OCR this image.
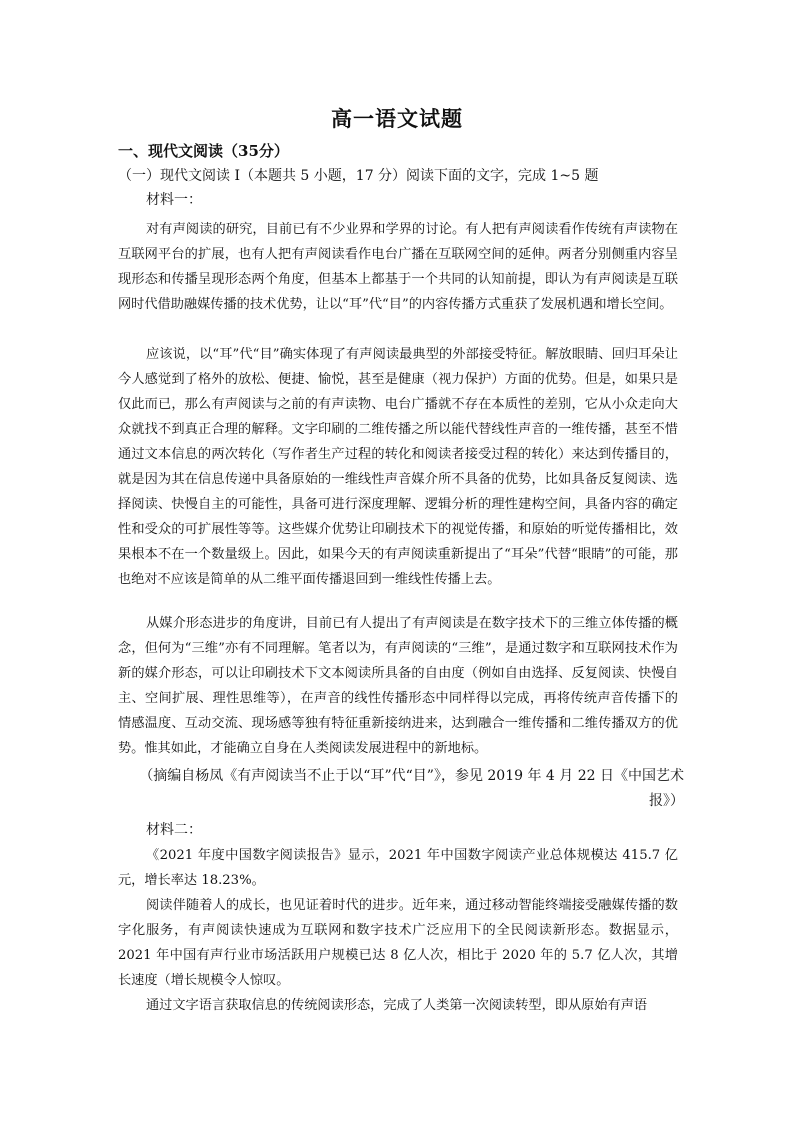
高一语文试题
一、现代文阅读（35分）
（一）现代文阅读 I（本题共 5 小题，17 分）阅读下面的文字，完成 1~5 题
材料一：
对有声阅读的研究，目前已有不少业界和学界的讨论。有人把有声阅读看作传统有声读物在互联网平台的扩展，也有人把有声阅读看作电台广播在互联网空间的延伸。两者分别侧重内容呈现形态和传播呈现形态两个角度，但基本上都基于一个共同的认知前提，即认为有声阅读是互联网时代借助融媒传播的技术优势，让以“耳”代“目”的内容传播方式重获了发展机遇和增长空间。
应该说，以“耳”代“目”确实体现了有声阅读最典型的外部接受特征。解放眼睛、回归耳朵让今人感觉到了格外的放松、便捷、愉悦，甚至是健康（视力保护）方面的优势。但是，如果只是仅此而已，那么有声阅读与之前的有声读物、电台广播就不存在本质性的差别，它从小众走向大众就找不到真正合理的解释。文字印刷的二维传播之所以能代替线性声音的一维传播，甚至不惜通过文本信息的两次转化（写作者生产过程的转化和阅读者接受过程的转化）来达到传播目的，就是因为其在信息传递中具备原始的一维线性声音媒介所不具备的优势，比如具备反复阅读、选择阅读、快慢自主的可能性，具备可进行深度理解、逻辑分析的理性建构空间，具备内容的确定性和受众的可扩展性等等。这些媒介优势让印刷技术下的视觉传播，和原始的听觉传播相比，效果根本不在一个数量级上。因此，如果今天的有声阅读重新提出了“耳朵”代替“眼睛”的可能，那也绝对不应该是简单的从二维平面传播退回到一维线性传播上去。
从媒介形态进步的角度讲，目前已有人提出了有声阅读是在数字技术下的三维立体传播的概念，但何为“三维”亦有不同理解。笔者以为，有声阅读的“三维”，是通过数字和互联网技术作为新的媒介形态，可以让印刷技术下文本阅读所具备的自由度（例如自由选择、反复阅读、快慢自主、空间扩展、理性思维等），在声音的线性传播形态中同样得以完成，再将传统声音传播下的情感温度、互动交流、现场感等独有特征重新接纳进来，达到融合一维传播和二维传播双方的优势。惟其如此，才能确立自身在人类阅读发展进程中的新地标。
（摘编自杨凤《有声阅读当不止于以“耳”代“目”》，参见 2019 年 4 月 22 日《中国艺术报》）
材料二：
《2021 年度中国数字阅读报告》显示，2021 年中国数字阅读产业总体规模达 415.7 亿元，增长率达 18.23%。
阅读伴随着人的成长，也见证着时代的进步。近年来，通过移动智能终端接受融媒传播的数字化服务，有声阅读快速成为互联网和数字技术广泛应用下的全民阅读新形态。数据显示，2021 年中国有声行业市场活跃用户规模已达 8 亿人次，相比于 2020 年的 5.7 亿人次，其增长速度（增长规模令人惊叹。
通过文字语言获取信息的传统阅读形态，完成了人类第一次阅读转型，即从原始有声语
